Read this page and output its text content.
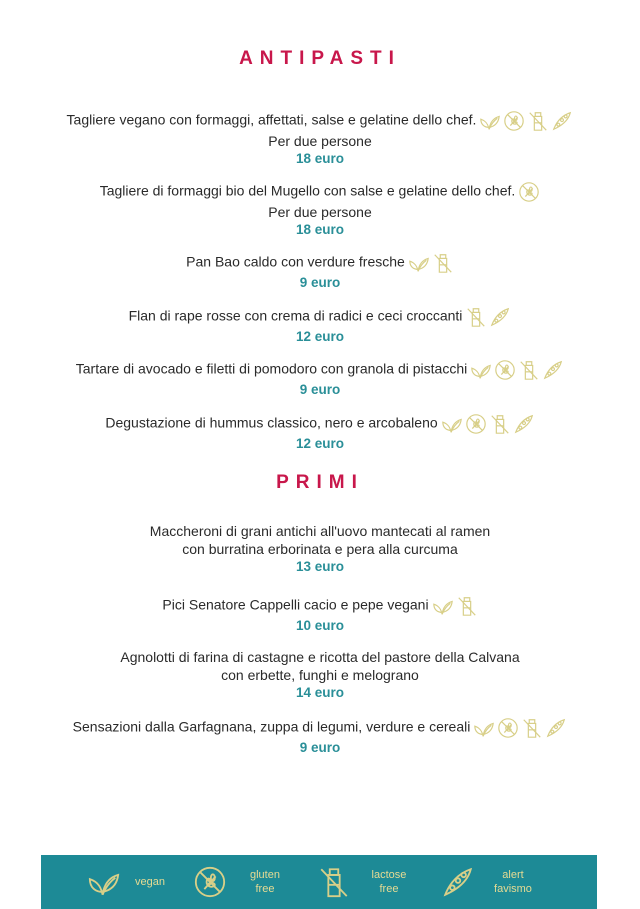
ANTIPASTI
Tagliere vegano con formaggi, affettati, salse e gelatine dello chef.
Per due persone
18 euro
Tagliere di formaggi bio del Mugello con salse e gelatine dello chef.
Per due persone
18 euro
Pan Bao caldo con verdure fresche
9 euro
Flan di rape rosse con crema di radici e ceci croccanti
12 euro
Tartare di avocado e filetti di pomodoro con granola di pistacchi
9 euro
Degustazione di hummus classico, nero e arcobaleno
12 euro
PRIMI
Maccheroni di grani antichi all'uovo mantecati al ramen
con burratina erborinata e pera alla curcuma
13 euro
Pici Senatore Cappelli cacio e pepe vegani
10 euro
Agnolotti di farina di castagne e ricotta del pastore della Calvana
con erbette, funghi e melograno
14 euro
Sensazioni dalla Garfagnana, zuppa di legumi, verdure e cereali
9 euro
vegan
gluten free
lactose free
alert favismo
